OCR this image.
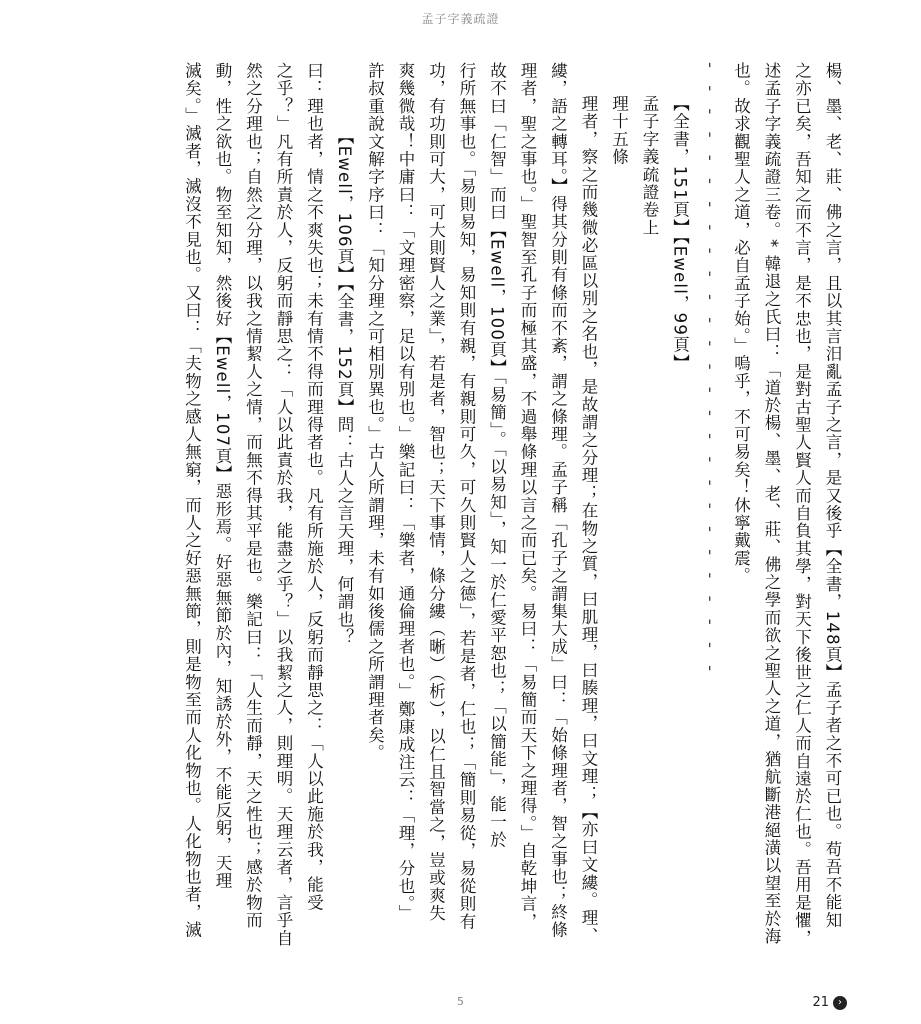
孟子字義疏證
楊、墨、老、莊、佛之言，且以其言汨亂孟子之言，是又後乎【全書，148頁】孟子者之不可已也。苟吾不能知
之亦已矣，吾知之而不言，是不忠也，是對古聖人賢人而自負其學，對天下後世之仁人而自遠於仁也。吾用是懼，
述孟子字義疏證三卷。* 韓退之氏曰：「道於楊、墨、老、莊、佛之學而欲之聖人之道，猶航斷港絕潢以望至於海
也。故求觀聖人之道，必自孟子始。」嗚乎，不可易矣！休寧戴震。
- - - - - - - - - - - - - - - - - - - - - - - - - - -
【全書，151頁】【Ewell，99頁】
孟子字義疏證卷上
理十五條
理者，察之而幾微必區以別之名也，是故謂之分理；在物之質，曰肌理，曰腠理，曰文理；【亦曰文縷。理、
縷，語之轉耳。】得其分則有條而不紊，謂之條理。孟子稱「孔子之謂集大成」曰：「始條理者，智之事也；終條
理者，聖之事也。」聖智至孔子而極其盛，不過舉條理以言之而已矣。易曰：「易簡而天下之理得。」自乾坤言，
故不曰「仁智」而曰【Ewell，100頁】「易簡」。「以易知」，知一於仁愛平恕也；「以簡能」，能一於
行所無事也。「易則易知，易知則有親，有親則可久，可久則賢人之德」，若是者，仁也；「簡則易從，易從則有
功，有功則可大，可大則賢人之業」，若是者，智也；天下事情，條分縷（晰）（析），以仁且智當之，豈或爽失
爽幾微哉！中庸曰：「文理密察，足以有別也。」樂記曰：「樂者，通倫理者也。」鄭康成注云：「理，分也。」
許叔重說文解字序曰：「知分理之可相別異也。」古人所謂理，未有如後儒之所謂理者矣。
【Ewell，106頁】【全書，152頁】問：古人之言天理，何謂也？
曰：理也者，情之不爽失也；未有情不得而理得者也。凡有所施於人，反躬而靜思之：「人以此施於我，能受
之乎？」凡有所責於人，反躬而靜思之：「人以此責於我，能盡之乎？」以我絜之人，則理明。天理云者，言乎自
然之分理也；自然之分理，以我之情絜人之情，而無不得其平是也。樂記曰：「人生而靜，天之性也；感於物而
動，性之欲也。物至知知，然後好【Ewell，107頁】惡形焉。好惡無節於內，知誘於外，不能反躬，天理
滅矣。」滅者，滅沒不見也。又曰：「夫物之感人無窮，而人之好惡無節，則是物至而人化物也。人化物也者，滅
5	21 ›
